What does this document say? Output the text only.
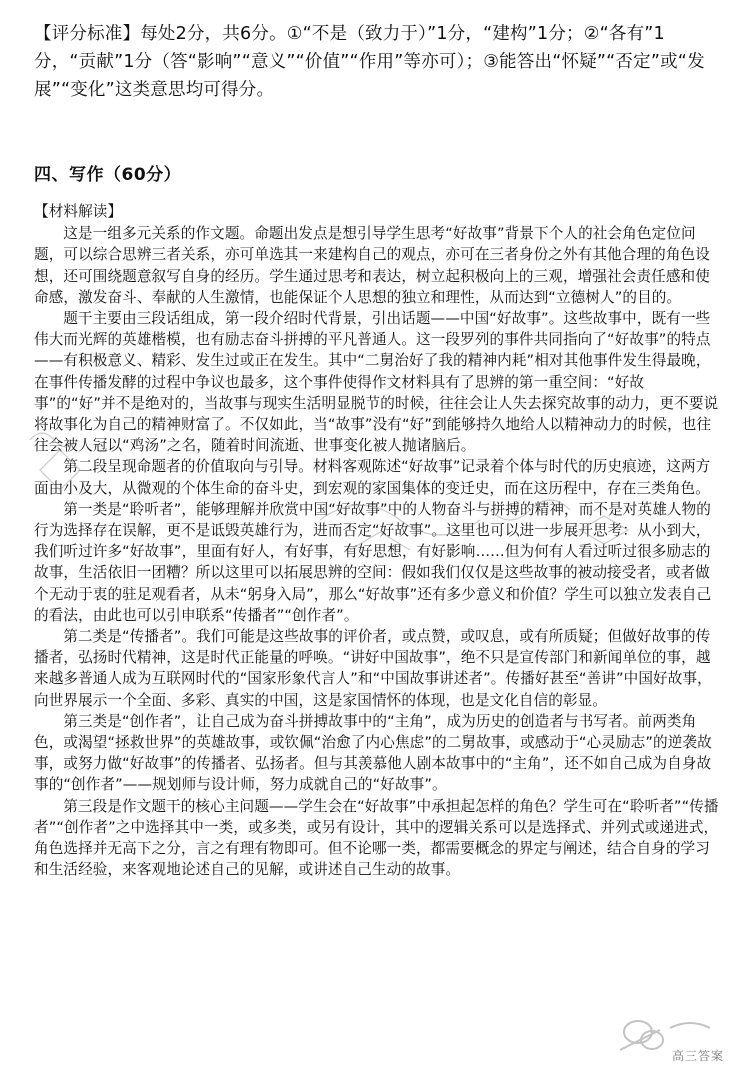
【评分标准】每处2分，共6分。①“不是（致力于）”1分，“建构”1分；②“各有”1分，“贡献”1分（答“影响”“意义”“价值”“作用”等亦可）；③能答出“怀疑”“否定”或“发展”“变化”这类意思均可得分。

四、写作（60分）

【材料解读】

这是一组多元关系的作文题。命题出发点是想引导学生思考“好故事”背景下个人的社会角色定位问题，可以综合思辨三者关系，亦可单选其一来建构自己的观点，亦可在三者身份之外有其他合理的角色设想，还可围绕题意叙写自身的经历。学生通过思考和表达，树立起积极向上的三观，增强社会责任感和使命感，激发奋斗、奉献的人生激情，也能保证个人思想的独立和理性，从而达到“立德树人”的目的。

题干主要由三段话组成，第一段介绍时代背景，引出话题——中国“好故事”。这些故事中，既有一些伟大而光辉的英雄楷模，也有励志奋斗拼搏的平凡普通人。这一段罗列的事件共同指向了“好故事”的特点——有积极意义、精彩、发生过或正在发生。其中“二舅治好了我的精神内耗”相对其他事件发生得最晚，在事件传播发酵的过程中争议也最多，这个事件使得作文材料具有了思辨的第一重空间：“好故事”的“好”并不是绝对的，当故事与现实生活明显脱节的时候，往往会让人失去探究故事的动力，更不要说将故事化为自己的精神财富了。不仅如此，当“故事”没有“好”到能够持久地给人以精神动力的时候，也往往会被人冠以“鸡汤”之名，随着时间流逝、世事变化被人抛诸脑后。

第二段呈现命题者的价值取向与引导。材料客观陈述“好故事”记录着个体与时代的历史痕迹，这两方面由小及大，从微观的个体生命的奋斗史，到宏观的家国集体的变迁史，而在这历程中，存在三类角色。

第一类是“聆听者”，能够理解并欣赏中国“好故事”中的人物奋斗与拼搏的精神，而不是对英雄人物的行为选择存在误解，更不是诋毁英雄行为，进而否定“好故事”。这里也可以进一步展开思考：从小到大，我们听过许多“好故事”，里面有好人，有好事，有好思想，有好影响……但为何有人看过听过很多励志的故事，生活依旧一团糟？所以这里可以拓展思辨的空间：假如我们仅仅是这些故事的被动接受者，或者做个无动于衷的驻足观看者，从未“躬身入局”，那么“好故事”还有多少意义和价值？学生可以独立发表自己的看法，由此也可以引申联系“传播者”“创作者”。

第二类是“传播者”。我们可能是这些故事的评价者，或点赞，或叹息，或有所质疑；但做好故事的传播者，弘扬时代精神，这是时代正能量的呼唤。“讲好中国故事”，绝不只是宣传部门和新闻单位的事，越来越多普通人成为互联网时代的“国家形象代言人”和“中国故事讲述者”。传播好甚至“善讲”中国好故事，向世界展示一个全面、多彩、真实的中国，这是家国情怀的体现，也是文化自信的彰显。

第三类是“创作者”，让自己成为奋斗拼搏故事中的“主角”，成为历史的创造者与书写者。前两类角色，或渴望“拯救世界”的英雄故事，或钦佩“治愈了内心焦虑”的二舅故事，或感动于“心灵励志”的逆袭故事，或努力做“好故事”的传播者、弘扬者。但与其羡慕他人剧本故事中的“主角”，还不如自己成为自身故事的“创作者”——规划师与设计师，努力成就自己的“好故事”。

第三段是作文题干的核心主问题——学生会在“好故事”中承担起怎样的角色？学生可在“聆听者”“传播者”“创作者”之中选择其中一类，或多类，或另有设计，其中的逻辑关系可以是选择式、并列式或递进式，角色选择并无高下之分，言之有理有物即可。但不论哪一类，都需要概念的界定与阐述，结合自身的学习和生活经验，来客观地论述自己的见解，或讲述自己生动的故事。

高三答案
